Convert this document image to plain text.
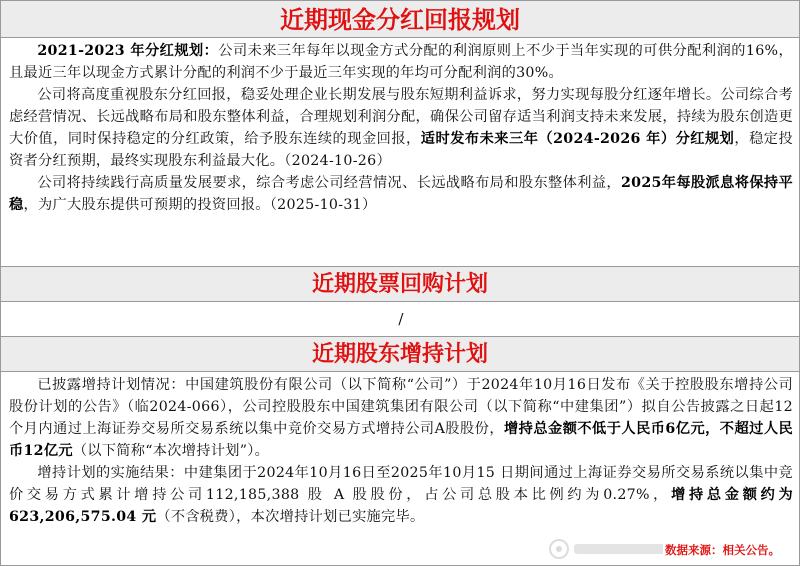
近期现金分红回报规划

2021-2023 年分红规划：公司未来三年每年以现金方式分配的利润原则上不少于当年实现的可供分配利润的16%，且最近三年以现金方式累计分配的利润不少于最近三年实现的年均可分配利润的30%。

公司将高度重视股东分红回报，稳妥处理企业长期发展与股东短期利益诉求，努力实现每股分红逐年增长。公司综合考虑经营情况、长远战略布局和股东整体利益，合理规划利润分配，确保公司留存适当利润支持未来发展，持续为股东创造更大价值，同时保持稳定的分红政策，给予股东连续的现金回报，适时发布未来三年（2024-2026 年）分红规划，稳定投资者分红预期，最终实现股东利益最大化。（2024-10-26）

公司将持续践行高质量发展要求，综合考虑公司经营情况、长远战略布局和股东整体利益，2025年每股派息将保持平稳，为广大股东提供可预期的投资回报。（2025-10-31）

近期股票回购计划
/
近期股东增持计划

已披露增持计划情况：中国建筑股份有限公司（以下简称“公司”）于2024年10月16日发布《关于控股股东增持公司股份计划的公告》（临2024-066），公司控股股东中国建筑集团有限公司（以下简称“中建集团”）拟自公告披露之日起12个月内通过上海证券交易所交易系统以集中竞价交易方式增持公司A股股份，增持总金额不低于人民币6亿元，不超过人民币12亿元（以下简称“本次增持计划”）。

增持计划的实施结果：中建集团于2024年10月16日至2025年10月15 日期间通过上海证券交易所交易系统以集中竞价交易方式累计增持公司112,185,388 股 A 股股份，占公司总股本比例约为0.27%，增持总金额约为623,206,575.04 元（不含税费），本次增持计划已实施完毕。

数据来源：相关公告。
